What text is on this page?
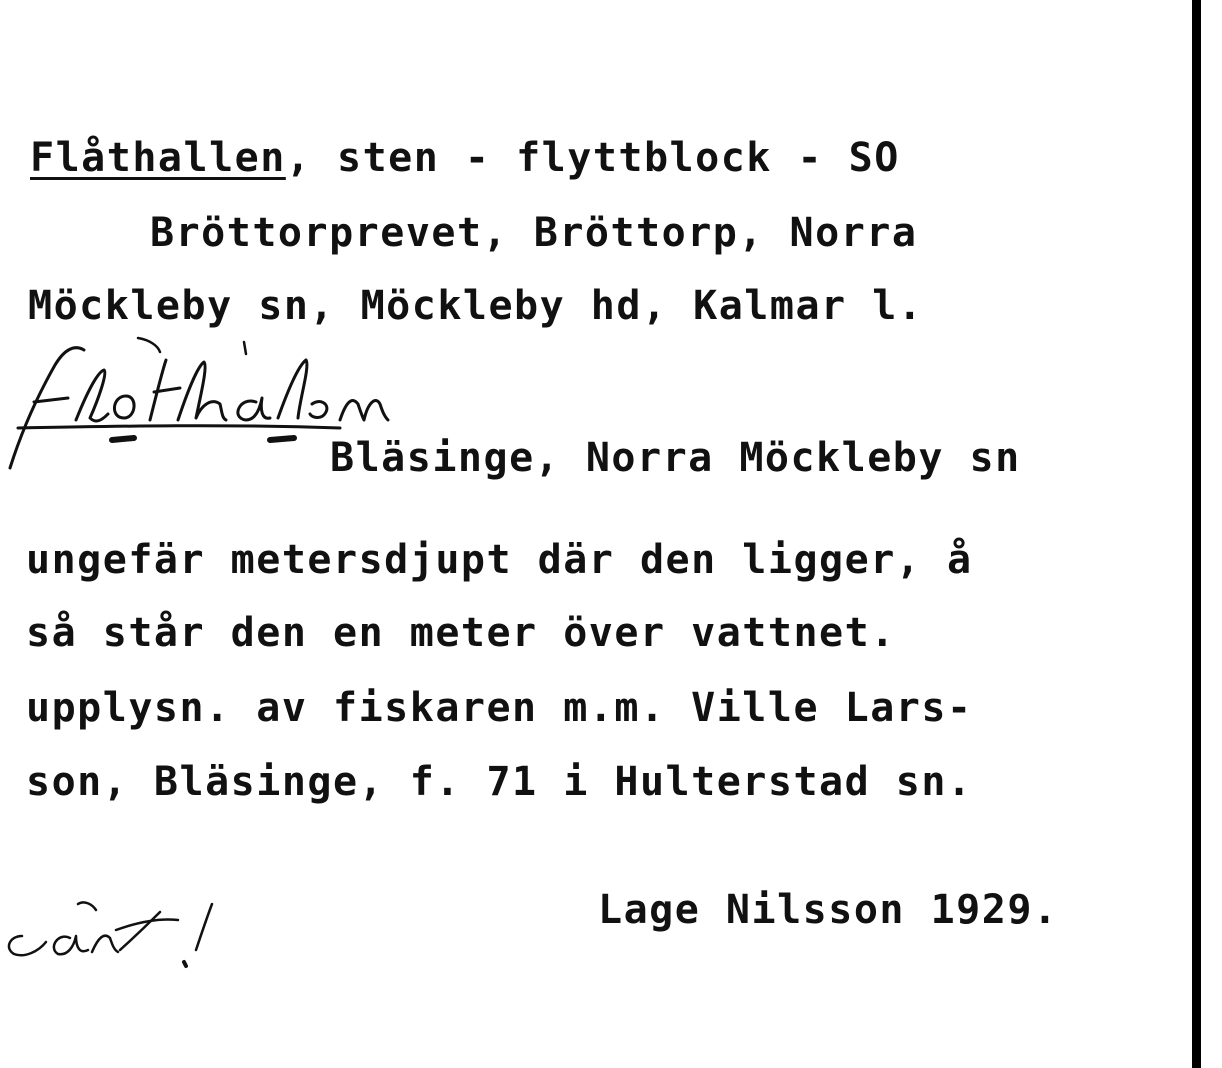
Flåthallen, sten - flyttblock - SO
Bröttorprevet, Bröttorp, Norra
Möckleby sn, Möckleby hd, Kalmar l.
Bläsinge, Norra Möckleby sn
ungefär metersdjupt där den ligger, å
så står den en meter över vattnet.
upplysn. av fiskaren m.m. Ville Lars-
son, Bläsinge, f. 71 i Hulterstad sn.
Lage Nilsson 1929.
